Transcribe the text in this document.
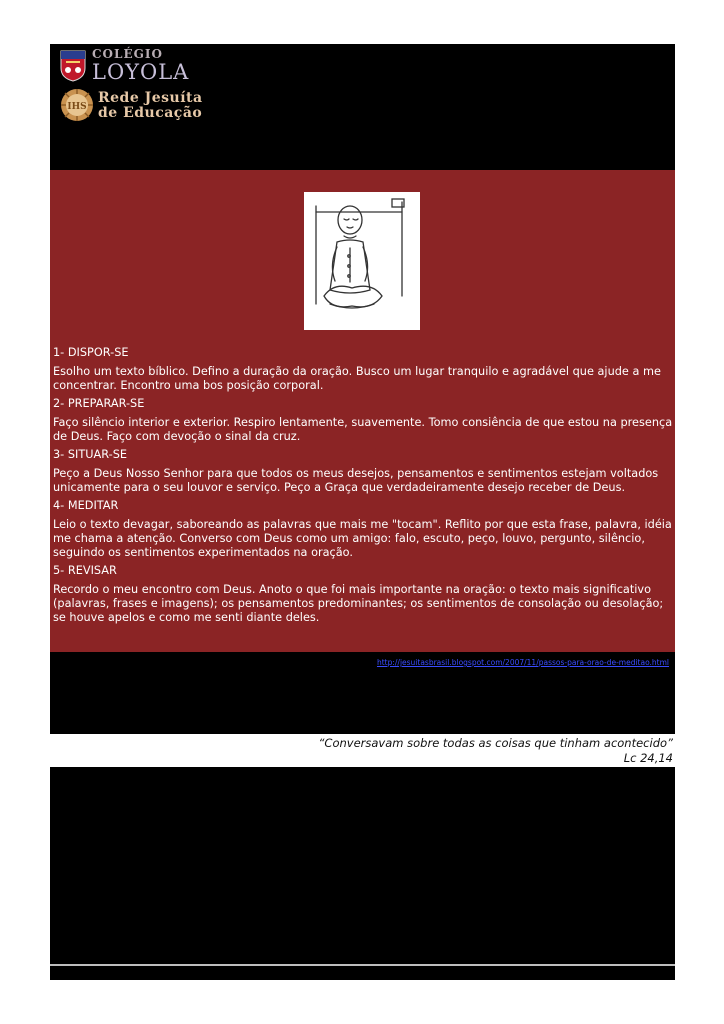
COLÉGIO
LOYOLA
IHS
Rede Jesuíta
de Educação
1- DISPOR-SE
Esolho um texto bíblico. Defino a duração da oração. Busco um lugar tranquilo e agradável que ajude a me concentrar. Encontro uma bos posição corporal.
2- PREPARAR-SE
Faço silêncio interior e exterior. Respiro lentamente, suavemente. Tomo consiência de que estou na presença de Deus. Faço com devoção o sinal da cruz.
3- SITUAR-SE
Peço a Deus Nosso Senhor para que todos os meus desejos, pensamentos e sentimentos estejam voltados unicamente para o seu louvor e serviço. Peço a Graça que verdadeiramente desejo receber de Deus.
4- MEDITAR
Leio o texto devagar, saboreando as palavras que mais me "tocam". Reflito por que esta frase, palavra, idéia me chama a atenção. Converso com Deus como um amigo: falo, escuto, peço, louvo, pergunto, silêncio, seguindo os sentimentos experimentados na oração.
5- REVISAR
Recordo o meu encontro com Deus. Anoto o que foi mais importante na oração: o texto mais significativo (palavras, frases e imagens); os pensamentos predominantes; os sentimentos de consolação ou desolação; se houve apelos e como me senti diante deles.
http://jesuitasbrasil.blogspot.com/2007/11/passos-para-orao-de-meditao.html
“Conversavam sobre todas as coisas que tinham acontecido”
Lc 24,14
